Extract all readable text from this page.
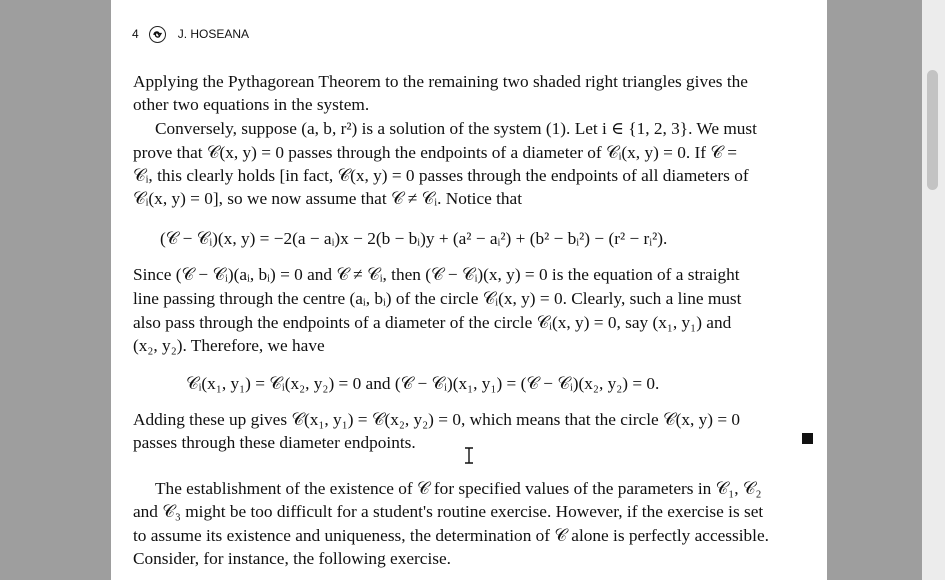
4	J. HOSEANA
Applying the Pythagorean Theorem to the remaining two shaded right triangles gives the
other two equations in the system.
Conversely, suppose (a, b, r²) is a solution of the system (1). Let i ∈ {1, 2, 3}. We must
prove that 𝒞(x, y) = 0 passes through the endpoints of a diameter of 𝒞ᵢ(x, y) = 0. If 𝒞 =
𝒞ᵢ, this clearly holds [in fact, 𝒞(x, y) = 0 passes through the endpoints of all diameters of
𝒞ᵢ(x, y) = 0], so we now assume that 𝒞 ≠ 𝒞ᵢ. Notice that
(𝒞 − 𝒞ᵢ)(x, y) = −2(a − aᵢ)x − 2(b − bᵢ)y + (a² − aᵢ²) + (b² − bᵢ²) − (r² − rᵢ²).
Since (𝒞 − 𝒞ᵢ)(aᵢ, bᵢ) = 0 and 𝒞 ≠ 𝒞ᵢ, then (𝒞 − 𝒞ᵢ)(x, y) = 0 is the equation of a straight
line passing through the centre (aᵢ, bᵢ) of the circle 𝒞ᵢ(x, y) = 0. Clearly, such a line must
also pass through the endpoints of a diameter of the circle 𝒞ᵢ(x, y) = 0, say (x₁, y₁) and
(x₂, y₂). Therefore, we have
𝒞ᵢ(x₁, y₁) = 𝒞ᵢ(x₂, y₂) = 0 and (𝒞 − 𝒞ᵢ)(x₁, y₁) = (𝒞 − 𝒞ᵢ)(x₂, y₂) = 0.
Adding these up gives 𝒞(x₁, y₁) = 𝒞(x₂, y₂) = 0, which means that the circle 𝒞(x, y) = 0
passes through these diameter endpoints.
The establishment of the existence of 𝒞 for specified values of the parameters in 𝒞₁, 𝒞₂
and 𝒞₃ might be too difficult for a student's routine exercise. However, if the exercise is set
to assume its existence and uniqueness, the determination of 𝒞 alone is perfectly accessible.
Consider, for instance, the following exercise.
